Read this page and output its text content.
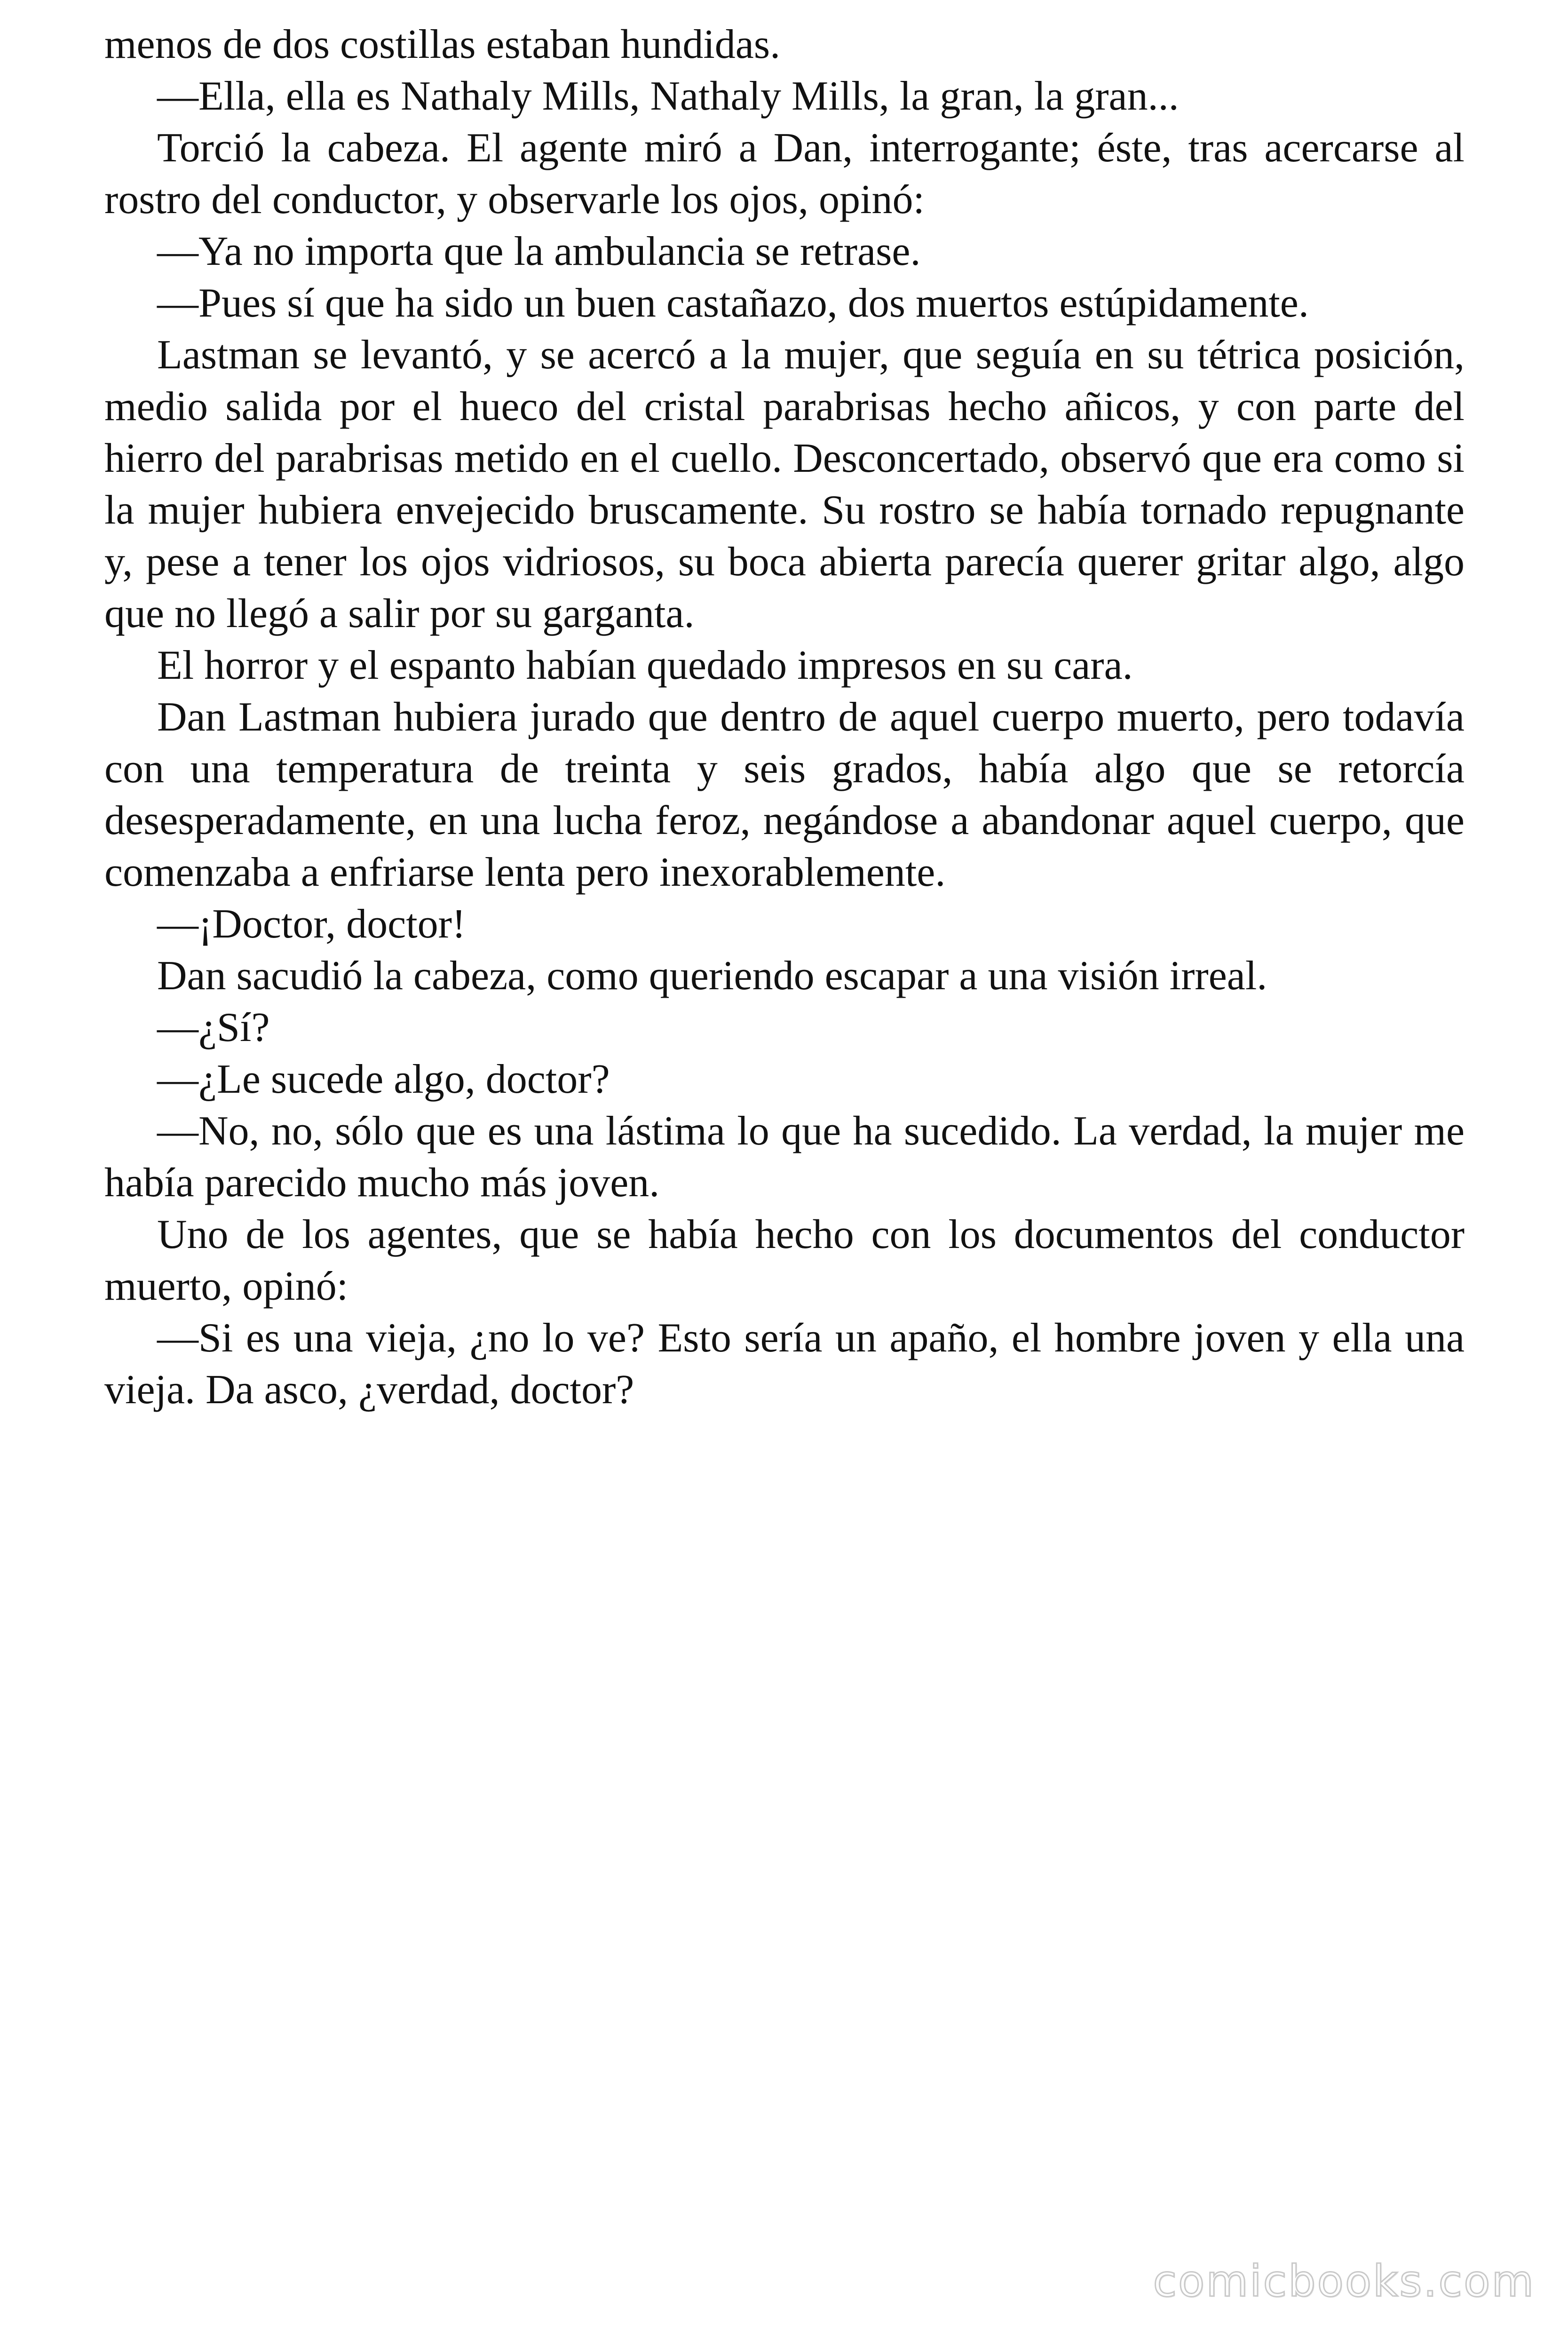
menos de dos costillas estaban hundidas.

—Ella, ella es Nathaly Mills, Nathaly Mills, la gran, la gran...

Torció la cabeza. El agente miró a Dan, interrogante; éste, tras acercarse al rostro del conductor, y observarle los ojos, opinó:

—Ya no importa que la ambulancia se retrase.

—Pues sí que ha sido un buen castañazo, dos muertos estúpidamente.

Lastman se levantó, y se acercó a la mujer, que seguía en su tétrica posición, medio salida por el hueco del cristal parabrisas hecho añicos, y con parte del hierro del parabrisas metido en el cuello. Desconcertado, observó que era como si la mujer hubiera envejecido bruscamente. Su rostro se había tornado repugnante y, pese a tener los ojos vidriosos, su boca abierta parecía querer gritar algo, algo que no llegó a salir por su garganta.

El horror y el espanto habían quedado impresos en su cara.

Dan Lastman hubiera jurado que dentro de aquel cuerpo muerto, pero todavía con una temperatura de treinta y seis grados, había algo que se retorcía desesperadamente, en una lucha feroz, negándose a abandonar aquel cuerpo, que comenzaba a enfriarse lenta pero inexorablemente.

—¡Doctor, doctor!

Dan sacudió la cabeza, como queriendo escapar a una visión irreal.

—¿Sí?

—¿Le sucede algo, doctor?

—No, no, sólo que es una lástima lo que ha sucedido. La verdad, la mujer me había parecido mucho más joven.

Uno de los agentes, que se había hecho con los documentos del conductor muerto, opinó:

—Si es una vieja, ¿no lo ve? Esto sería un apaño, el hombre joven y ella una vieja. Da asco, ¿verdad, doctor?

comicbooks.com
